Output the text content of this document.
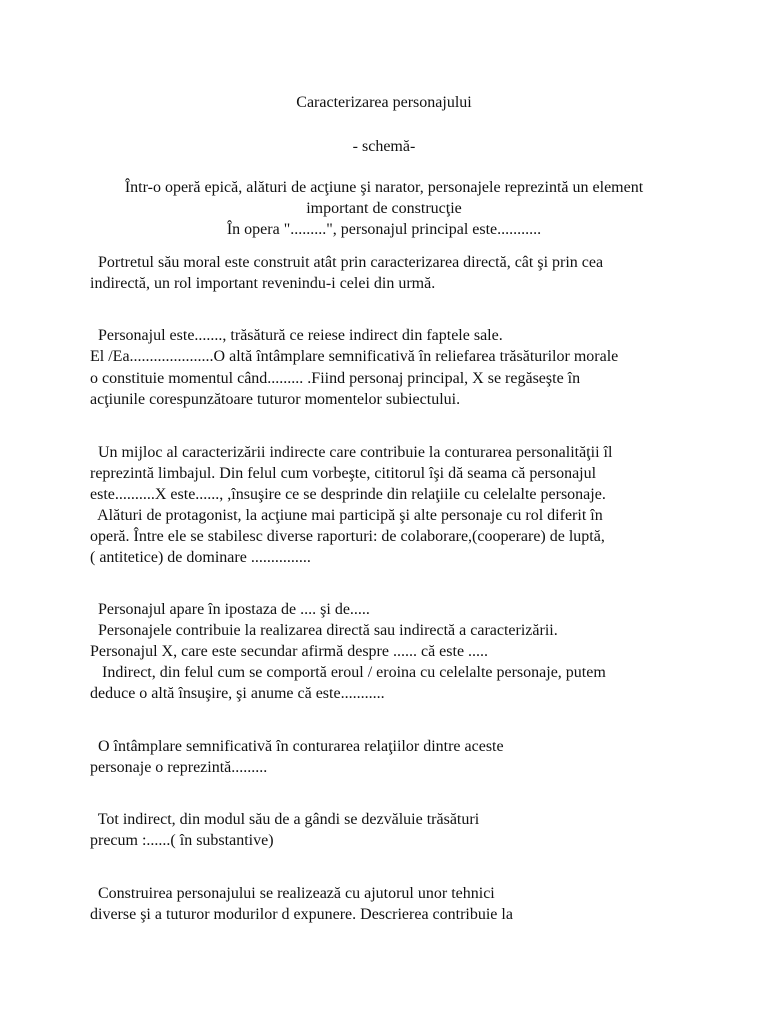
Caracterizarea personajului
- schemă-
Într-o operă epică, alături de acţiune şi narator, personajele reprezintă un element
important de construcţie
În opera ".........", personajul principal este...........
Portretul său moral este construit atât prin caracterizarea directă, cât şi prin cea
indirectă, un rol important revenindu-i celei din urmă.
Personajul este......., trăsătură ce reiese indirect din faptele sale.
El /Ea.....................O altă întâmplare semnificativă în reliefarea trăsăturilor morale
o constituie momentul când......... .Fiind personaj principal, X se regăseşte în
acţiunile corespunzătoare tuturor momentelor subiectului.
Un mijloc al caracterizării indirecte care contribuie la conturarea personalităţii îl
reprezintă limbajul. Din felul cum vorbeşte, cititorul îşi dă seama că personajul
este..........X este......, ,însuşire ce se desprinde din relaţiile cu celelalte personaje.
Alături de protagonist, la acţiune mai participă şi alte personaje cu rol diferit în
operă. Între ele se stabilesc diverse raporturi: de colaborare,(cooperare) de luptă,
( antitetice) de dominare ...............
Personajul apare în ipostaza de .... şi de.....
Personajele contribuie la realizarea directă sau indirectă a caracterizării.
Personajul X, care este secundar afirmă despre ...... că este .....
Indirect, din felul cum se comportă eroul / eroina cu celelalte personaje, putem
deduce o altă însuşire, şi anume că este...........
O întâmplare semnificativă în conturarea relaţiilor dintre aceste
personaje o reprezintă.........
Tot indirect, din modul său de a gândi se dezvăluie trăsături
precum :......( în substantive)
Construirea personajului se realizează cu ajutorul unor tehnici
diverse şi a tuturor modurilor d expunere. Descrierea contribuie la
